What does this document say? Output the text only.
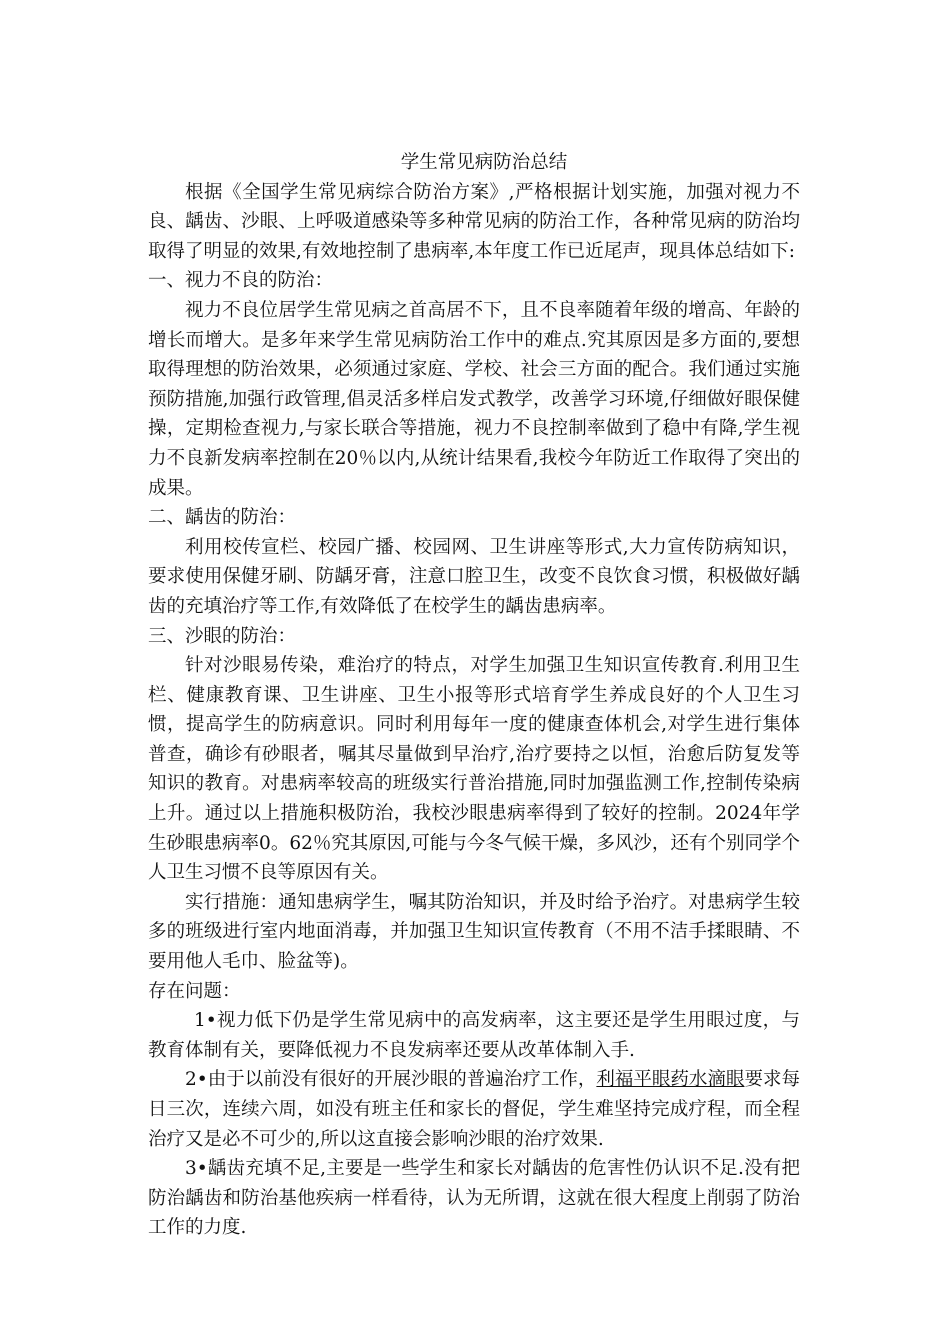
学生常见病防治总结

根据《全国学生常见病综合防治方案》,严格根据计划实施，加强对视力不良、龋齿、沙眼、上呼吸道感染等多种常见病的防治工作，各种常见病的防治均取得了明显的效果,有效地控制了患病率,本年度工作已近尾声，现具体总结如下:

一、视力不良的防治：

视力不良位居学生常见病之首高居不下，且不良率随着年级的增高、年龄的增长而增大。是多年来学生常见病防治工作中的难点.究其原因是多方面的,要想取得理想的防治效果，必须通过家庭、学校、社会三方面的配合。我们通过实施预防措施,加强行政管理,倡灵活多样启发式教学，改善学习环境,仔细做好眼保健操，定期检查视力,与家长联合等措施，视力不良控制率做到了稳中有降,学生视力不良新发病率控制在20％以内,从统计结果看,我校今年防近工作取得了突出的成果。

二、龋齿的防治：

利用校传宣栏、校园广播、校园网、卫生讲座等形式,大力宣传防病知识，要求使用保健牙刷、防龋牙膏，注意口腔卫生，改变不良饮食习惯，积极做好龋齿的充填治疗等工作,有效降低了在校学生的龋齿患病率。

三、沙眼的防治：

针对沙眼易传染，难治疗的特点，对学生加强卫生知识宣传教育.利用卫生栏、健康教育课、卫生讲座、卫生小报等形式培育学生养成良好的个人卫生习惯，提高学生的防病意识。同时利用每年一度的健康查体机会,对学生进行集体普查，确诊有砂眼者，嘱其尽量做到早治疗,治疗要持之以恒，治愈后防复发等知识的教育。对患病率较高的班级实行普治措施,同时加强监测工作,控制传染病上升。通过以上措施积极防治，我校沙眼患病率得到了较好的控制。2024年学生砂眼患病率0。62％究其原因,可能与今冬气候干燥，多风沙，还有个别同学个人卫生习惯不良等原因有关。

实行措施：通知患病学生，嘱其防治知识，并及时给予治疗。对患病学生较多的班级进行室内地面消毒，并加强卫生知识宣传教育（不用不洁手揉眼睛、不要用他人毛巾、脸盆等)。

存在问题：

1•视力低下仍是学生常见病中的高发病率，这主要还是学生用眼过度，与教育体制有关，要降低视力不良发病率还要从改革体制入手.

2•由于以前没有很好的开展沙眼的普遍治疗工作，利福平眼药水滴眼要求每日三次，连续六周，如没有班主任和家长的督促，学生难坚持完成疗程，而全程治疗又是必不可少的,所以这直接会影响沙眼的治疗效果.

3•龋齿充填不足,主要是一些学生和家长对龋齿的危害性仍认识不足.没有把防治龋齿和防治基他疾病一样看待，认为无所谓，这就在很大程度上削弱了防治工作的力度.
